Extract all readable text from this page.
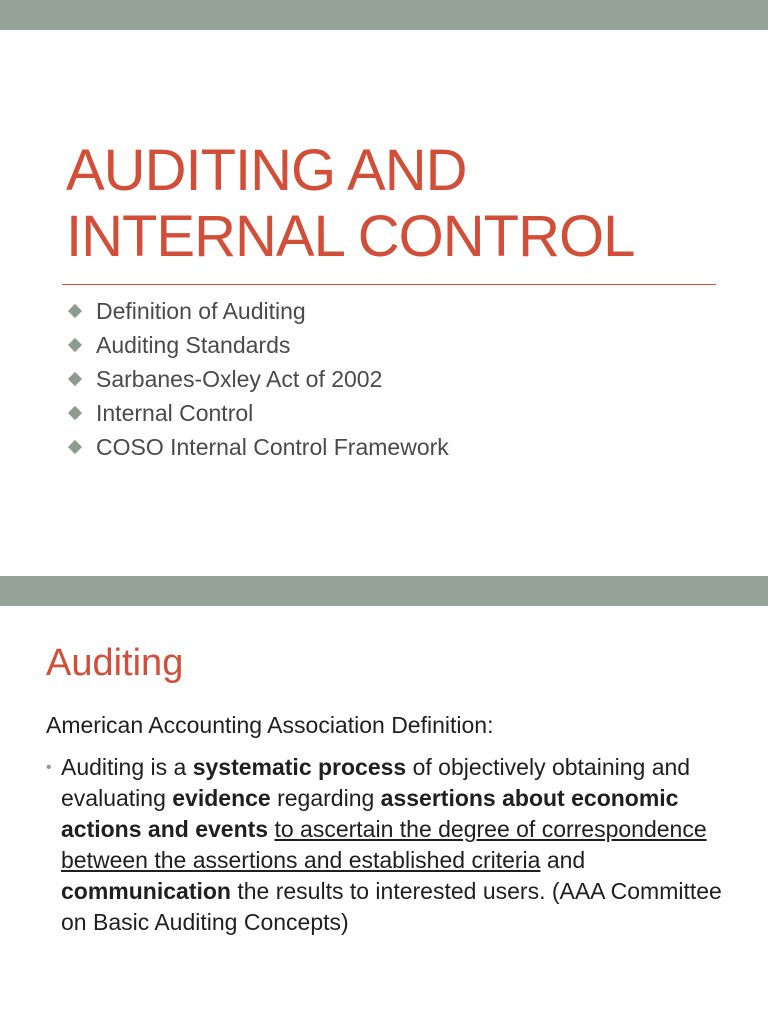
AUDITING AND
INTERNAL CONTROL
Definition of Auditing
Auditing Standards
Sarbanes-Oxley Act of 2002
Internal Control
COSO Internal Control Framework
Auditing
American Accounting Association Definition:
• Auditing is a systematic process of objectively obtaining and evaluating evidence regarding assertions about economic actions and events to ascertain the degree of correspondence between the assertions and established criteria and communication the results to interested users. (AAA Committee on Basic Auditing Concepts)
